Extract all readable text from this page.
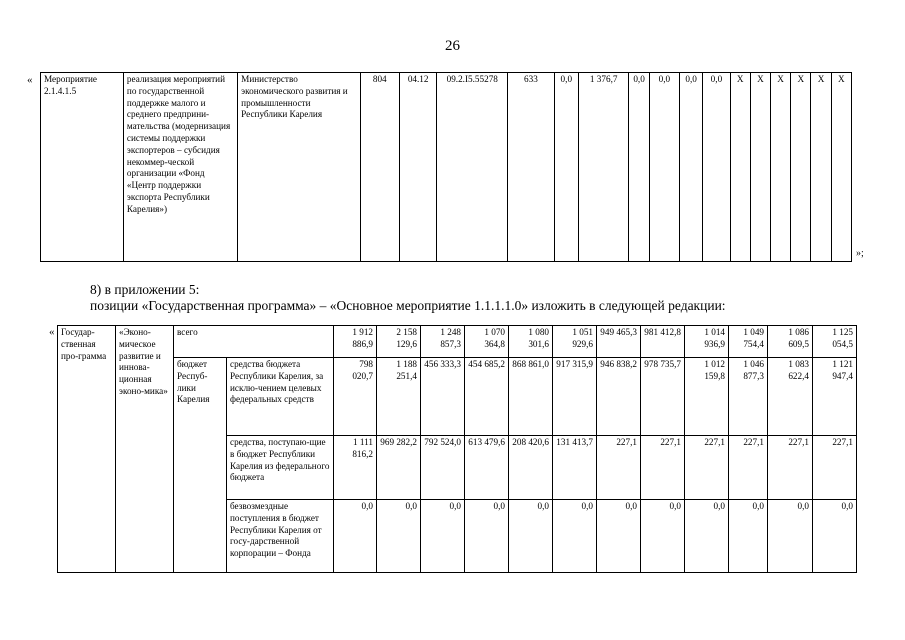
26
« Мероприятие 2.1.4.1.5	реализация мероприятий по государственной поддержке малого и среднего предприни-мательства (модернизация системы поддержки экспортеров – субсидия некоммер-ческой организации «Фонд «Центр поддержки экспорта Республики Карелия»)	Министерство экономического развития и промышленности Республики Карелия	804	04.12	09.2.I5.55278	633	0,0	1 376,7	0,0	0,0	0,0	0,0	X	X	X	X	X	X
»;
8) в приложении 5:
позиции «Государственная программа» – «Основное мероприятие 1.1.1.1.0» изложить в следующей редакции:
« Государ-ственная про-грамма	«Эконо-мическое развитие и иннова-ционная эконо-мика»	всего		1 912 886,9	2 158 129,6	1 248 857,3	1 070 364,8	1 080 301,6	1 051 929,6	949 465,3	981 412,8	1 014 936,9	1 049 754,4	1 086 609,5	1 125 054,5
		бюджет Респуб-лики Карелия	средства бюджета Республики Карелия, за исклю-чением целевых федеральных средств	798 020,7	1 188 251,4	456 333,3	454 685,2	868 861,0	917 315,9	946 838,2	978 735,7	1 012 159,8	1 046 877,3	1 083 622,4	1 121 947,4
			средства, поступаю-щие в бюджет Республики Карелия из федерального бюджета	1 111 816,2	969 282,2	792 524,0	613 479,6	208 420,6	131 413,7	227,1	227,1	227,1	227,1	227,1	227,1
			безвозмездные поступления в бюджет Республики Карелия от госу-дарственной корпорации – Фонда	0,0	0,0	0,0	0,0	0,0	0,0	0,0	0,0	0,0	0,0	0,0	0,0
